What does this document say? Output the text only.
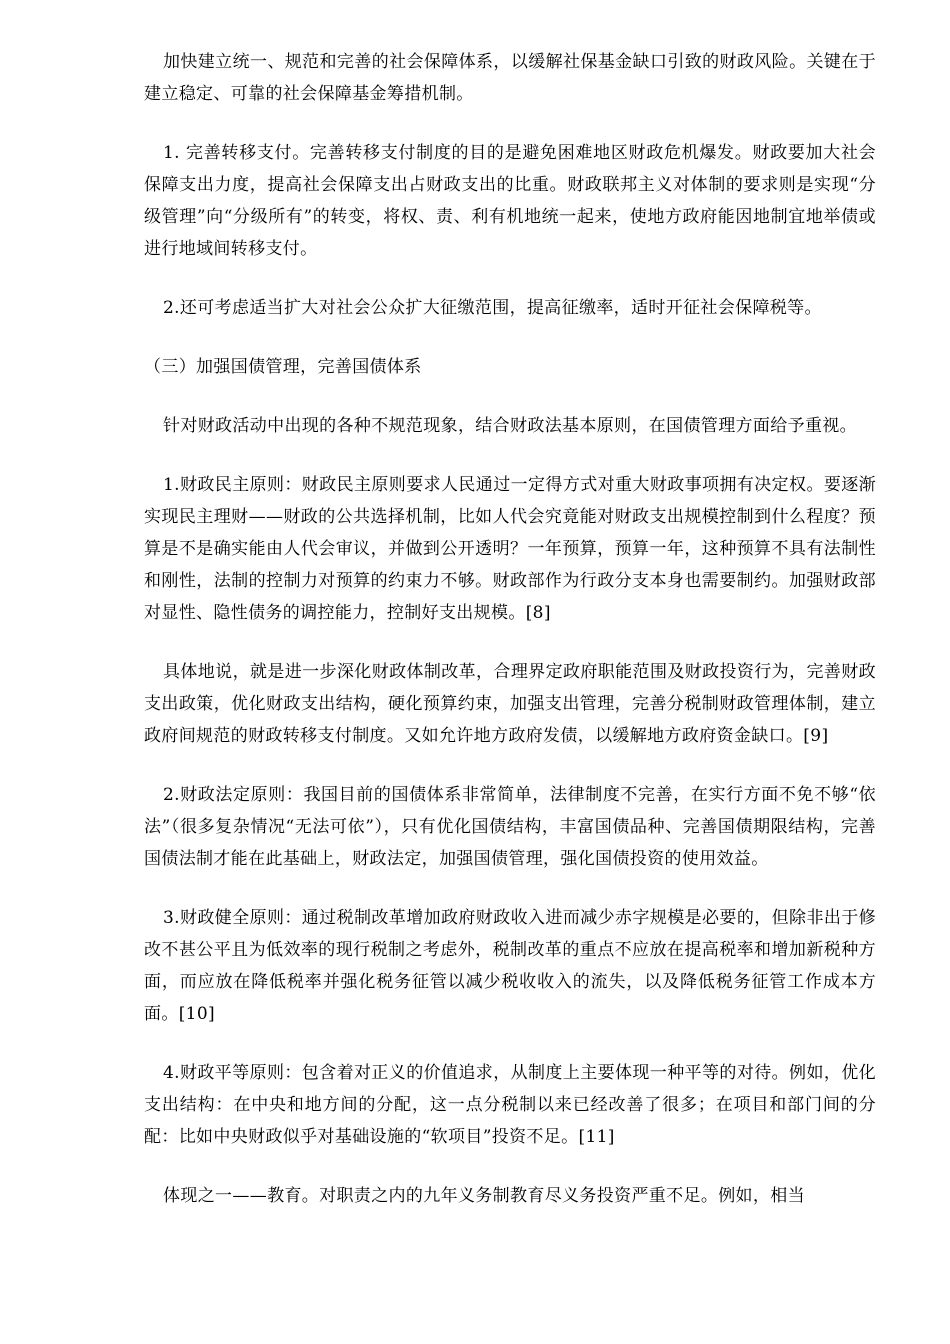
加快建立统一、规范和完善的社会保障体系，以缓解社保基金缺口引致的财政风险。关键在于建立稳定、可靠的社会保障基金筹措机制。

1. 完善转移支付。完善转移支付制度的目的是避免困难地区财政危机爆发。财政要加大社会保障支出力度，提高社会保障支出占财政支出的比重。财政联邦主义对体制的要求则是实现“分级管理”向“分级所有”的转变，将权、责、利有机地统一起来，使地方政府能因地制宜地举债或进行地域间转移支付。

2.还可考虑适当扩大对社会公众扩大征缴范围，提高征缴率，适时开征社会保障税等。

（三）加强国债管理，完善国债体系

针对财政活动中出现的各种不规范现象，结合财政法基本原则，在国债管理方面给予重视。

1.财政民主原则：财政民主原则要求人民通过一定得方式对重大财政事项拥有决定权。要逐渐实现民主理财——财政的公共选择机制，比如人代会究竟能对财政支出规模控制到什么程度？预算是不是确实能由人代会审议，并做到公开透明？一年预算，预算一年，这种预算不具有法制性和刚性，法制的控制力对预算的约束力不够。财政部作为行政分支本身也需要制约。加强财政部对显性、隐性债务的调控能力，控制好支出规模。[8]

具体地说，就是进一步深化财政体制改革，合理界定政府职能范围及财政投资行为，完善财政支出政策，优化财政支出结构，硬化预算约束，加强支出管理，完善分税制财政管理体制，建立政府间规范的财政转移支付制度。又如允许地方政府发债，以缓解地方政府资金缺口。[9]

2.财政法定原则：我国目前的国债体系非常简单，法律制度不完善，在实行方面不免不够“依法”（很多复杂情况“无法可依”），只有优化国债结构，丰富国债品种、完善国债期限结构，完善国债法制才能在此基础上，财政法定，加强国债管理，强化国债投资的使用效益。

3.财政健全原则：通过税制改革增加政府财政收入进而减少赤字规模是必要的，但除非出于修改不甚公平且为低效率的现行税制之考虑外，税制改革的重点不应放在提高税率和增加新税种方面，而应放在降低税率并强化税务征管以减少税收收入的流失，以及降低税务征管工作成本方面。[10]

4.财政平等原则：包含着对正义的价值追求，从制度上主要体现一种平等的对待。例如，优化支出结构：在中央和地方间的分配，这一点分税制以来已经改善了很多；在项目和部门间的分配：比如中央财政似乎对基础设施的“软项目”投资不足。[11]

体现之一——教育。对职责之内的九年义务制教育尽义务投资严重不足。例如，相当
